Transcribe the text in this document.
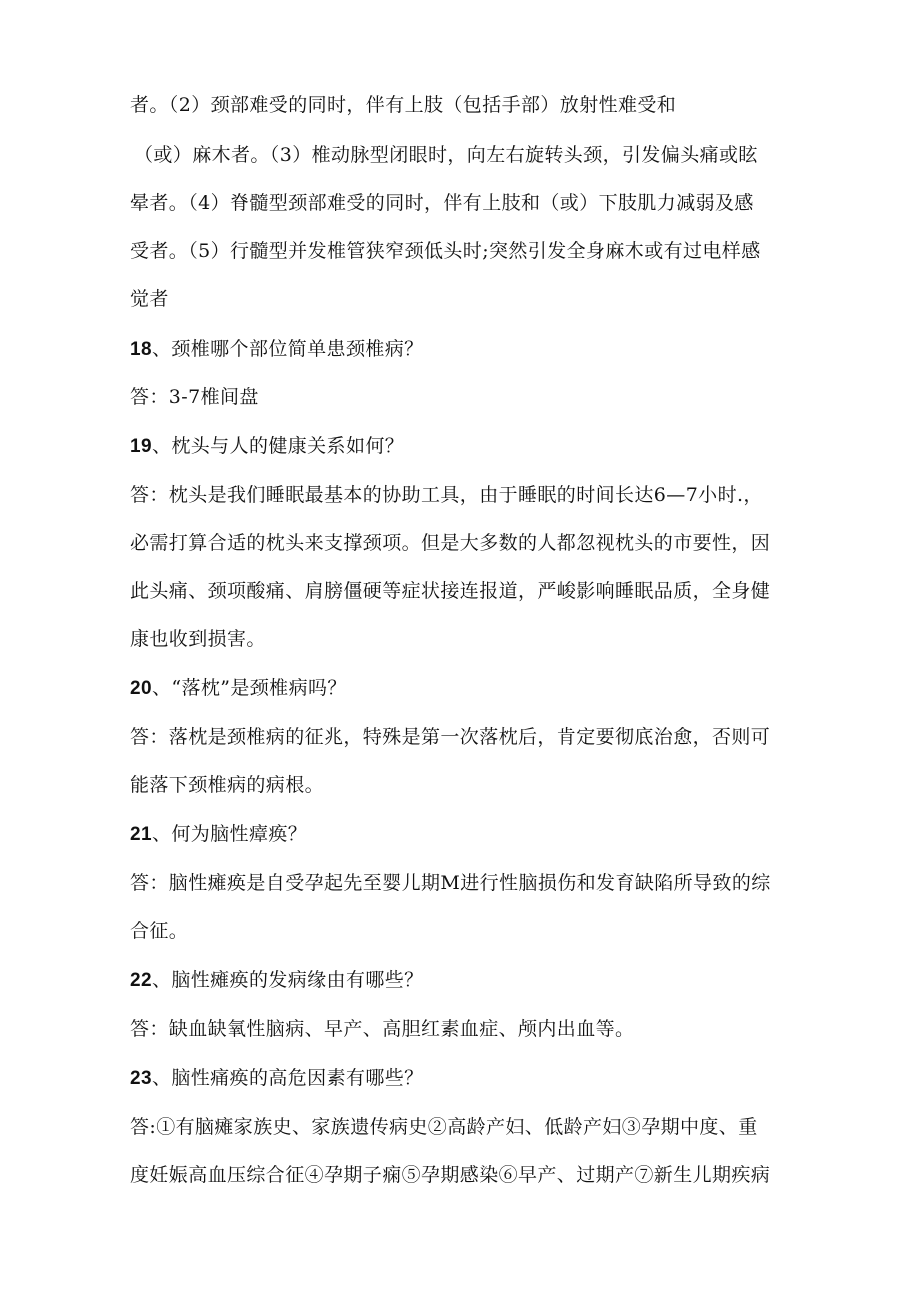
者。（2）颈部难受的同时，伴有上肢（包括手部）放射性难受和
（或）麻木者。（3）椎动脉型闭眼时，向左右旋转头颈，引发偏头痛或眩
晕者。（4）脊髓型颈部难受的同时，伴有上肢和（或）下肢肌力减弱及感
受者。（5）行髓型并发椎管狭窄颈低头时;突然引发全身麻木或有过电样感
觉者
18、颈椎哪个部位简单患颈椎病？
答：3-7椎间盘
19、枕头与人的健康关系如何？
答：枕头是我们睡眠最基本的协助工具，由于睡眠的时间长达6—7小时.，
必需打算合适的枕头来支撑颈项。但是大多数的人都忽视枕头的市要性，因
此头痛、颈项酸痛、肩膀僵硬等症状接连报道，严峻影响睡眠品质，全身健
康也收到损害。
20、“落枕”是颈椎病吗？
答：落枕是颈椎病的征兆，特殊是第一次落枕后，肯定要彻底治愈，否则可
能落下颈椎病的病根。
21、何为脑性瘴痪？
答：脑性瘫痪是自受孕起先至婴儿期M进行性脑损伤和发育缺陷所导致的综
合征。
22、脑性瘫痪的发病缘由有哪些？
答：缺血缺氧性脑病、早产、高胆红素血症、颅内出血等。
23、脑性痛痪的高危因素有哪些？
答:①有脑瘫家族史、家族遗传病史②高龄产妇、低龄产妇③孕期中度、重
度妊娠高血压综合征④孕期子痫⑤孕期感染⑥早产、过期产⑦新生儿期疾病
